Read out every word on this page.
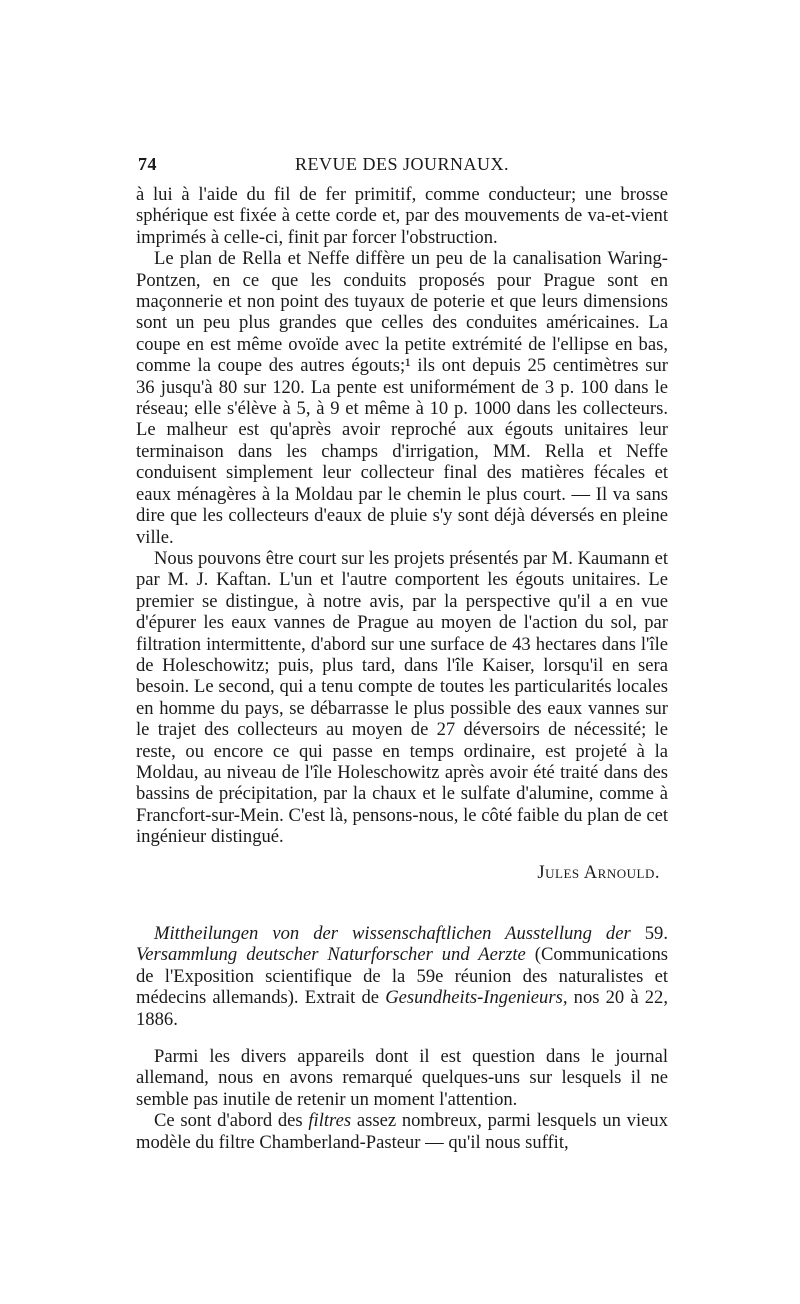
74	REVUE DES JOURNAUX.

à lui à l'aide du fil de fer primitif, comme conducteur; une brosse sphérique est fixée à cette corde et, par des mouvements de va-et-vient imprimés à celle-ci, finit par forcer l'obstruction.

Le plan de Rella et Neffe diffère un peu de la canalisation Waring-Pontzen, en ce que les conduits proposés pour Prague sont en maçonnerie et non point des tuyaux de poterie et que leurs dimensions sont un peu plus grandes que celles des conduites américaines. La coupe en est même ovoïde avec la petite extrémité de l'ellipse en bas, comme la coupe des autres égouts;¹ ils ont depuis 25 centimètres sur 36 jusqu'à 80 sur 120. La pente est uniformément de 3 p. 100 dans le réseau; elle s'élève à 5, à 9 et même à 10 p. 1000 dans les collecteurs. Le malheur est qu'après avoir reproché aux égouts unitaires leur terminaison dans les champs d'irrigation, MM. Rella et Neffe conduisent simplement leur collecteur final des matières fécales et eaux ménagères à la Moldau par le chemin le plus court. — Il va sans dire que les collecteurs d'eaux de pluie s'y sont déjà déversés en pleine ville.

Nous pouvons être court sur les projets présentés par M. Kaumann et par M. J. Kaftan. L'un et l'autre comportent les égouts unitaires. Le premier se distingue, à notre avis, par la perspective qu'il a en vue d'épurer les eaux vannes de Prague au moyen de l'action du sol, par filtration intermittente, d'abord sur une surface de 43 hectares dans l'île de Holeschowitz; puis, plus tard, dans l'île Kaiser, lorsqu'il en sera besoin. Le second, qui a tenu compte de toutes les particularités locales en homme du pays, se débarrasse le plus possible des eaux vannes sur le trajet des collecteurs au moyen de 27 déversoirs de nécessité; le reste, ou encore ce qui passe en temps ordinaire, est projeté à la Moldau, au niveau de l'île Holeschowitz après avoir été traité dans des bassins de précipitation, par la chaux et le sulfate d'alumine, comme à Francfort-sur-Mein. C'est là, pensons-nous, le côté faible du plan de cet ingénieur distingué.

Jules Arnould.

Mittheilungen von der wissenschaftlichen Ausstellung der 59. Versammlung deutscher Naturforscher und Aerzte (Communications de l'Exposition scientifique de la 59e réunion des naturalistes et médecins allemands). Extrait de Gesundheits-Ingenieurs, nos 20 à 22, 1886.

Parmi les divers appareils dont il est question dans le journal allemand, nous en avons remarqué quelques-uns sur lesquels il ne semble pas inutile de retenir un moment l'attention.

Ce sont d'abord des filtres assez nombreux, parmi lesquels un vieux modèle du filtre Chamberland-Pasteur — qu'il nous suffit,
